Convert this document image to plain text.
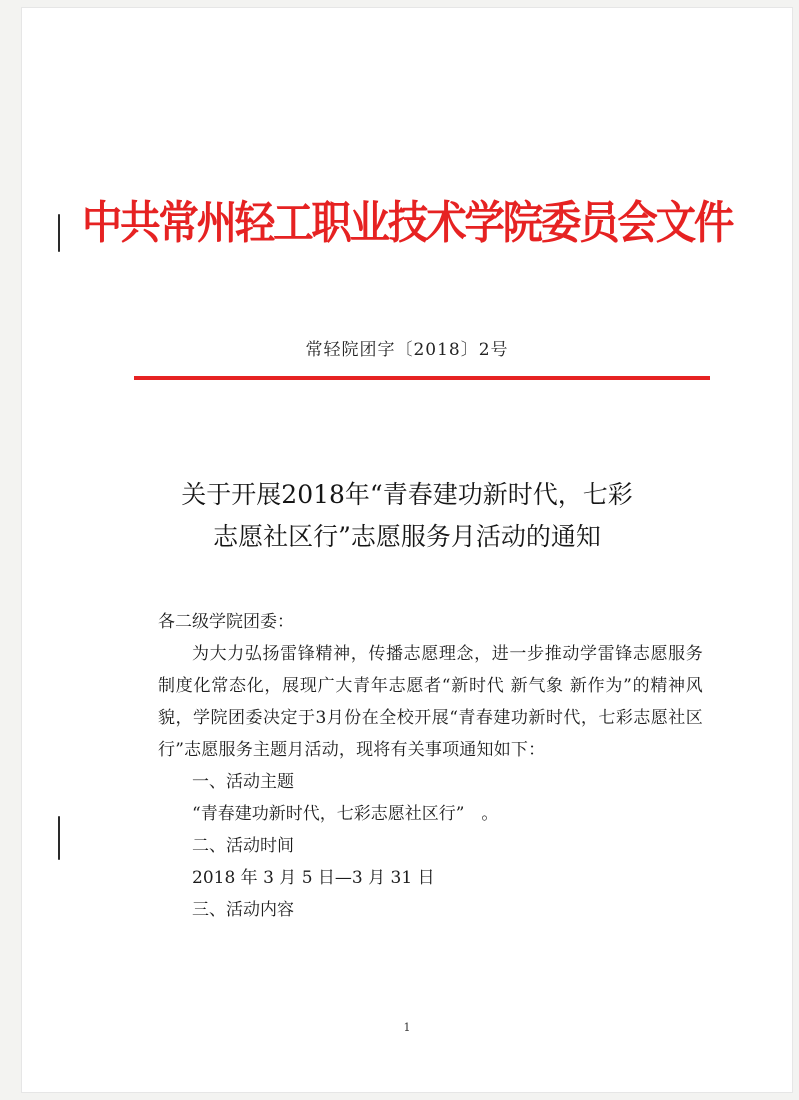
中共常州轻工职业技术学院委员会文件
常轻院团字〔2018〕2号
关于开展2018年“青春建功新时代，七彩
志愿社区行”志愿服务月活动的通知

各二级学院团委：

为大力弘扬雷锋精神，传播志愿理念，进一步推动学雷锋志愿服务制度化常态化，展现广大青年志愿者“新时代 新气象 新作为”的精神风貌，学院团委决定于3月份在全校开展“青春建功新时代，七彩志愿社区行”志愿服务主题月活动，现将有关事项通知如下：

一、活动主题

“青春建功新时代，七彩志愿社区行”　。

二、活动时间

2018 年 3 月 5 日—3 月 31 日

三、活动内容

1
